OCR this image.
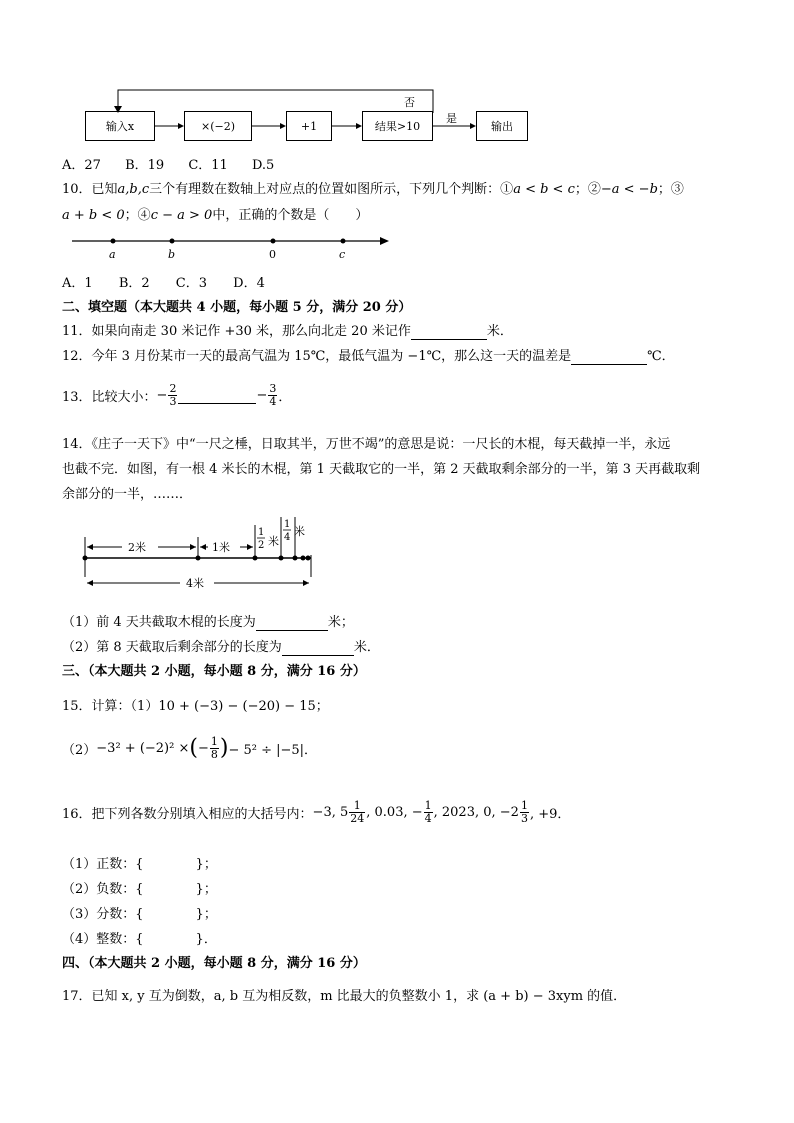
输入x	×(−2)	+1	结果>10	输出
否
是
A．27 B．19 C．11 D.5
10．已知a,b,c三个有理数在数轴上对应点的位置如图所示，下列几个判断：①a < b < c；②−a < −b；③
a + b < 0；④c − a > 0中，正确的个数是（　　）
a	b	0	c
A．1 B．2 C．3 D．4
二、填空题（本大题共 4 小题，每小题 5 分，满分 20 分）
11．如果向南走 30 米记作 +30 米，那么向北走 20 米记作	米．
12．今年 3 月份某市一天的最高气温为 15℃，最低气温为 −1℃，那么这一天的温差是	℃．
13．比较大小：− $\frac{2}{3}$	− $\frac{3}{4}$ ．
14．《庄子一天下》中“一尺之棰，日取其半，万世不竭”的意思是说：一尺长的木棍，每天截掉一半，永远
也截不完．如图，有一根 4 米长的木棍，第 1 天截取它的一半，第 2 天截取剩余部分的一半，第 3 天再截取剩
余部分的一半，……．
2米	1米
1
2 米
1
4 米
4米
（1）前 4 天共截取木棍的长度为	米；
（2）第 8 天截取后剩余部分的长度为	米．
三、（本大题共 2 小题，每小题 8 分，满分 16 分）
15．计算：（1）10 + (−3) − (−20) − 15；
（2）−3² + (−2)² ×(− $\frac{1}{8}$ )− 5² ÷ |−5|．
16．把下列各数分别填入相应的大括号内：−3, $5 \frac{1}{24}$ , 0.03, − $\frac{1}{4}$ , 2023, 0, $-2 \frac{1}{3}$ , +9．
（1）正数：{　　　　}；
（2）负数：{　　　　}；
（3）分数：{　　　　}；
（4）整数：{　　　　}．
四、（本大题共 2 小题，每小题 8 分，满分 16 分）
17．已知 x, y 互为倒数，a, b 互为相反数，m 比最大的负整数小 1，求 (a + b) − 3xym 的值．
